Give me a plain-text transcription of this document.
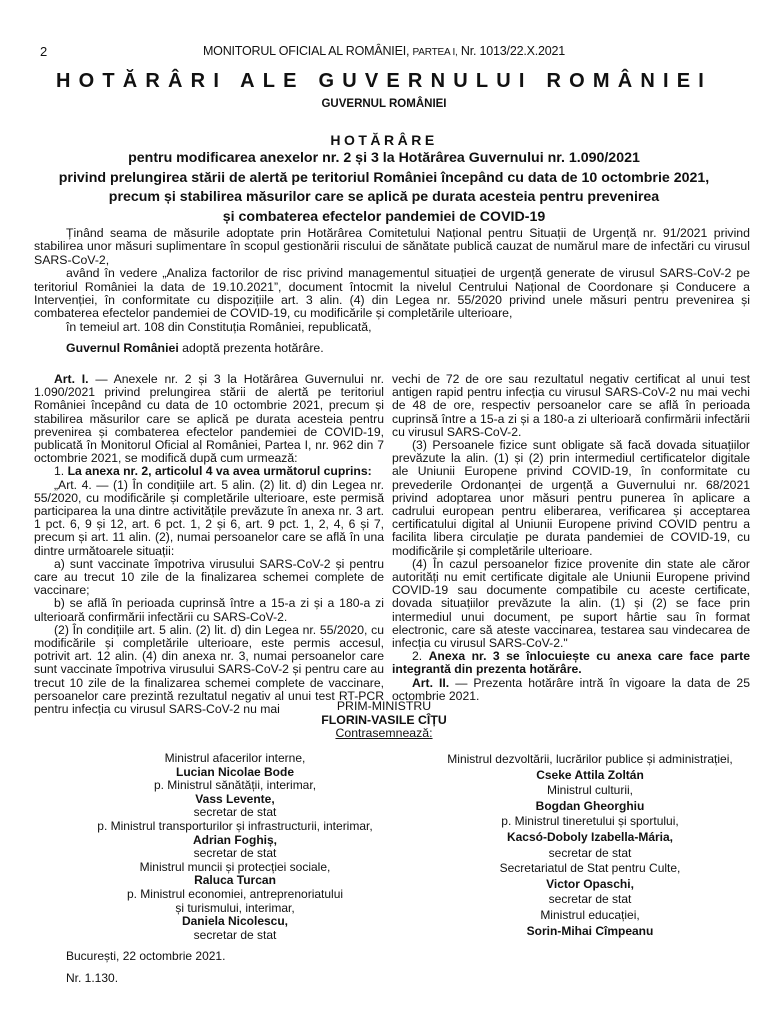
2	MONITORUL OFICIAL AL ROMÂNIEI, PARTEA I, Nr. 1013/22.X.2021
HOTĂRÂRI ALE GUVERNULUI ROMÂNIEI
GUVERNUL ROMÂNIEI
HOTĂRÂRE
pentru modificarea anexelor nr. 2 și 3 la Hotărârea Guvernului nr. 1.090/2021
privind prelungirea stării de alertă pe teritoriul României începând cu data de 10 octombrie 2021,
precum și stabilirea măsurilor care se aplică pe durata acesteia pentru prevenirea
și combaterea efectelor pandemiei de COVID-19

Ținând seama de măsurile adoptate prin Hotărârea Comitetului Național pentru Situații de Urgență nr. 91/2021 privind stabilirea unor măsuri suplimentare în scopul gestionării riscului de sănătate publică cauzat de numărul mare de infectări cu virusul SARS-CoV-2,

având în vedere „Analiza factorilor de risc privind managementul situației de urgență generate de virusul SARS-CoV-2 pe teritoriul României la data de 19.10.2021”, document întocmit la nivelul Centrului Național de Coordonare și Conducere a Intervenției, în conformitate cu dispozițiile art. 3 alin. (4) din Legea nr. 55/2020 privind unele măsuri pentru prevenirea și combaterea efectelor pandemiei de COVID-19, cu modificările și completările ulterioare,

în temeiul art. 108 din Constituția României, republicată,

Guvernul României adoptă prezenta hotărâre.

Art. I. — Anexele nr. 2 și 3 la Hotărârea Guvernului nr. 1.090/2021 privind prelungirea stării de alertă pe teritoriul României începând cu data de 10 octombrie 2021, precum și stabilirea măsurilor care se aplică pe durata acesteia pentru prevenirea și combaterea efectelor pandemiei de COVID-19, publicată în Monitorul Oficial al României, Partea I, nr. 962 din 7 octombrie 2021, se modifică după cum urmează:

1. La anexa nr. 2, articolul 4 va avea următorul cuprins:

„Art. 4. — (1) În condițiile art. 5 alin. (2) lit. d) din Legea nr. 55/2020, cu modificările și completările ulterioare, este permisă participarea la una dintre activitățile prevăzute în anexa nr. 3 art. 1 pct. 6, 9 și 12, art. 6 pct. 1, 2 și 6, art. 9 pct. 1, 2, 4, 6 și 7, precum și art. 11 alin. (2), numai persoanelor care se află în una dintre următoarele situații:

a) sunt vaccinate împotriva virusului SARS-CoV-2 și pentru care au trecut 10 zile de la finalizarea schemei complete de vaccinare;

b) se află în perioada cuprinsă între a 15-a zi și a 180-a zi ulterioară confirmării infectării cu SARS-CoV-2.

(2) În condițiile art. 5 alin. (2) lit. d) din Legea nr. 55/2020, cu modificările și completările ulterioare, este permis accesul, potrivit art. 12 alin. (4) din anexa nr. 3, numai persoanelor care sunt vaccinate împotriva virusului SARS-CoV-2 și pentru care au trecut 10 zile de la finalizarea schemei complete de vaccinare, persoanelor care prezintă rezultatul negativ al unui test RT-PCR pentru infecția cu virusul SARS-CoV-2 nu mai

vechi de 72 de ore sau rezultatul negativ certificat al unui test antigen rapid pentru infecția cu virusul SARS-CoV-2 nu mai vechi de 48 de ore, respectiv persoanelor care se află în perioada cuprinsă între a 15-a zi și a 180-a zi ulterioară confirmării infectării cu virusul SARS-CoV-2.

(3) Persoanele fizice sunt obligate să facă dovada situațiilor prevăzute la alin. (1) și (2) prin intermediul certificatelor digitale ale Uniunii Europene privind COVID-19, în conformitate cu prevederile Ordonanței de urgență a Guvernului nr. 68/2021 privind adoptarea unor măsuri pentru punerea în aplicare a cadrului european pentru eliberarea, verificarea și acceptarea certificatului digital al Uniunii Europene privind COVID pentru a facilita libera circulație pe durata pandemiei de COVID-19, cu modificările și completările ulterioare.

(4) În cazul persoanelor fizice provenite din state ale căror autorități nu emit certificate digitale ale Uniunii Europene privind COVID-19 sau documente compatibile cu aceste certificate, dovada situațiilor prevăzute la alin. (1) și (2) se face prin intermediul unui document, pe suport hârtie sau în format electronic, care să ateste vaccinarea, testarea sau vindecarea de infecția cu virusul SARS-CoV-2."

2. Anexa nr. 3 se înlocuiește cu anexa care face parte integrantă din prezenta hotărâre.

Art. II. — Prezenta hotărâre intră în vigoare la data de 25 octombrie 2021.

PRIM-MINISTRU
FLORIN-VASILE CÎȚU
Contrasemnează:
Ministrul afacerilor interne,
Lucian Nicolae Bode
p. Ministrul sănătății, interimar,
Vass Levente,
secretar de stat
p. Ministrul transporturilor și infrastructurii, interimar,
Adrian Foghiș,
secretar de stat
Ministrul muncii și protecției sociale,
Raluca Turcan
p. Ministrul economiei, antreprenoriatului
și turismului, interimar,
Daniela Nicolescu,
secretar de stat
Ministrul dezvoltării, lucrărilor publice și administrației,
Cseke Attila Zoltán
Ministrul culturii,
Bogdan Gheorghiu
p. Ministrul tineretului și sportului,
Kacsó-Doboly Izabella-Mária,
secretar de stat
Secretariatul de Stat pentru Culte,
Victor Opaschi,
secretar de stat
Ministrul educației,
Sorin-Mihai Cîmpeanu
București, 22 octombrie 2021.
Nr. 1.130.
